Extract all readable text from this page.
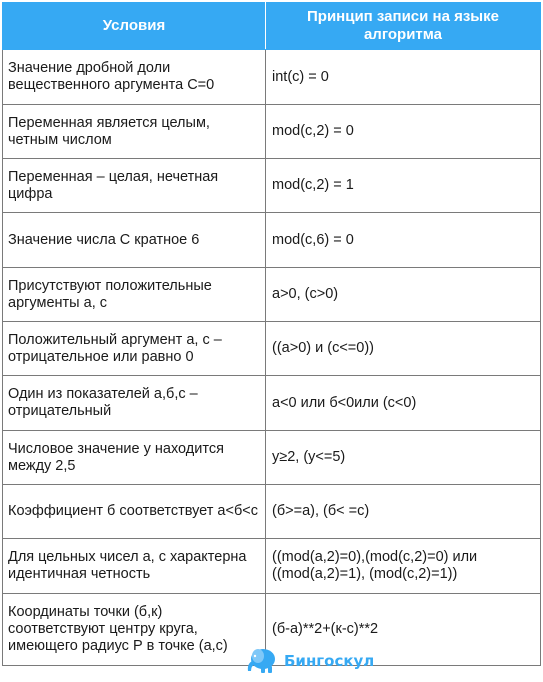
Условия	Принцип записи на языке алгоритма
Значение дробной доли вещественного аргумента С=0	int(c) = 0
Переменная является целым, четным числом	mod(c,2) = 0
Переменная – целая, нечетная цифра	mod(c,2) = 1
Значение числа С кратное 6	mod(c,6) = 0
Присутствуют положительные аргументы а, с	a>0, (c>0)
Положительный аргумент а, с – отрицательное или равно 0	((a>0) и (c<=0))
Один из показателей а,б,с – отрицательный	a<0 или б<0или (c<0)
Числовое значение у находится между 2,5	y≥2, (y<=5)
Коэффициент б соответствует а<б<с	(б>=a), (б< =c)
Для цельных чисел а, с характерна идентичная четность	((mod(a,2)=0),(mod(c,2)=0) или ((mod(a,2)=1), (mod(c,2)=1))
Координаты точки (б,к) соответствуют центру круга, имеющего радиус Р в точке (а,с)	(б-a)**2+(к-c)**2
Бингоскул
